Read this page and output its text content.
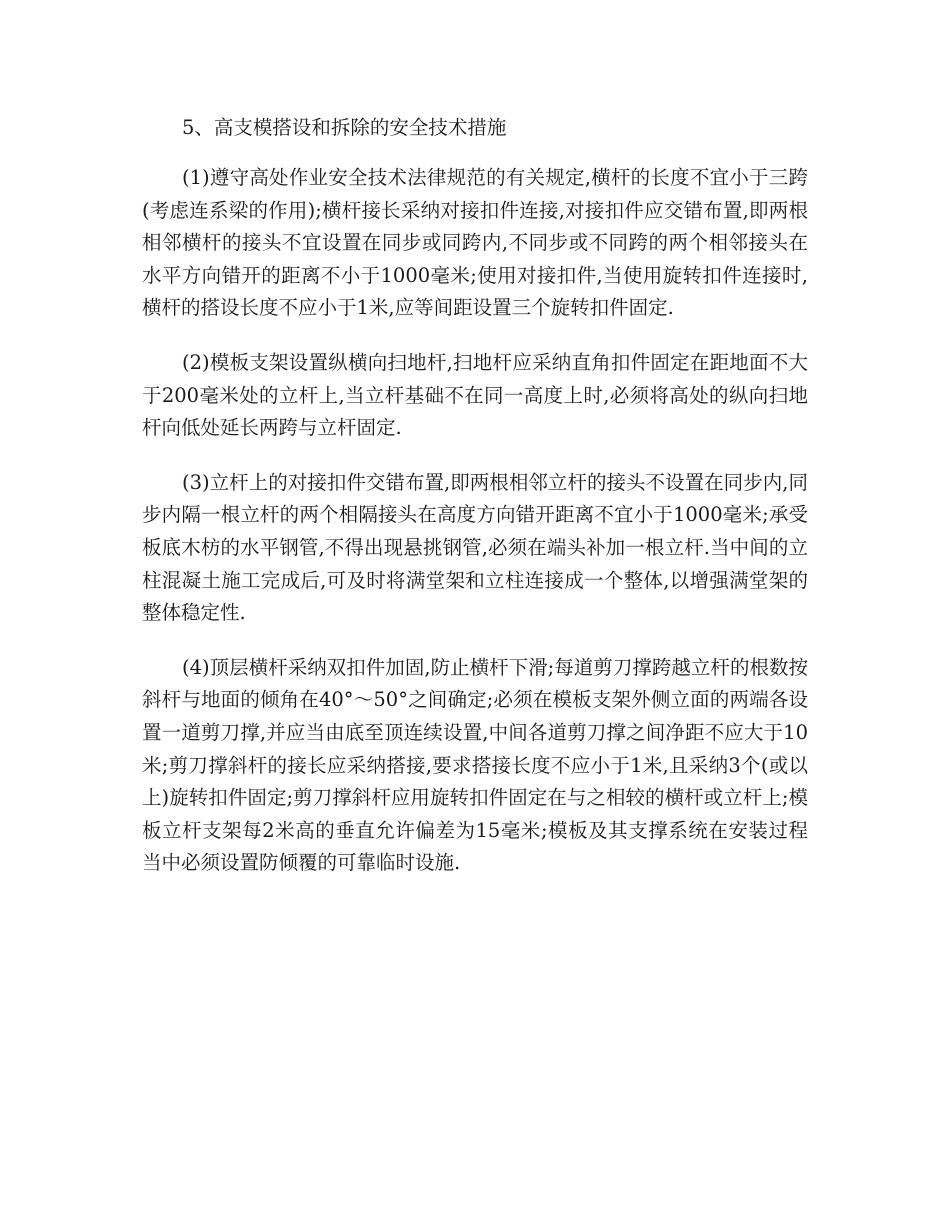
5、高支模搭设和拆除的安全技术措施

(1)遵守高处作业安全技术法律规范的有关规定,横杆的长度不宜小于三跨(考虑连系梁的作用);横杆接长采纳对接扣件连接,对接扣件应交错布置,即两根相邻横杆的接头不宜设置在同步或同跨内,不同步或不同跨的两个相邻接头在水平方向错开的距离不小于1000毫米;使用对接扣件,当使用旋转扣件连接时,横杆的搭设长度不应小于1米,应等间距设置三个旋转扣件固定.

(2)模板支架设置纵横向扫地杆,扫地杆应采纳直角扣件固定在距地面不大于200毫米处的立杆上,当立杆基础不在同一高度上时,必须将高处的纵向扫地杆向低处延长两跨与立杆固定.

(3)立杆上的对接扣件交错布置,即两根相邻立杆的接头不设置在同步内,同步内隔一根立杆的两个相隔接头在高度方向错开距离不宜小于1000毫米;承受板底木枋的水平钢管,不得出现悬挑钢管,必须在端头补加一根立杆.当中间的立柱混凝土施工完成后,可及时将满堂架和立柱连接成一个整体,以增强满堂架的整体稳定性.

(4)顶层横杆采纳双扣件加固,防止横杆下滑;每道剪刀撑跨越立杆的根数按斜杆与地面的倾角在40°～50°之间确定;必须在模板支架外侧立面的两端各设置一道剪刀撑,并应当由底至顶连续设置,中间各道剪刀撑之间净距不应大于10米;剪刀撑斜杆的接长应采纳搭接,要求搭接长度不应小于1米,且采纳3个(或以上)旋转扣件固定;剪刀撑斜杆应用旋转扣件固定在与之相较的横杆或立杆上;模板立杆支架每2米高的垂直允许偏差为15毫米;模板及其支撑系统在安装过程当中必须设置防倾覆的可靠临时设施.
